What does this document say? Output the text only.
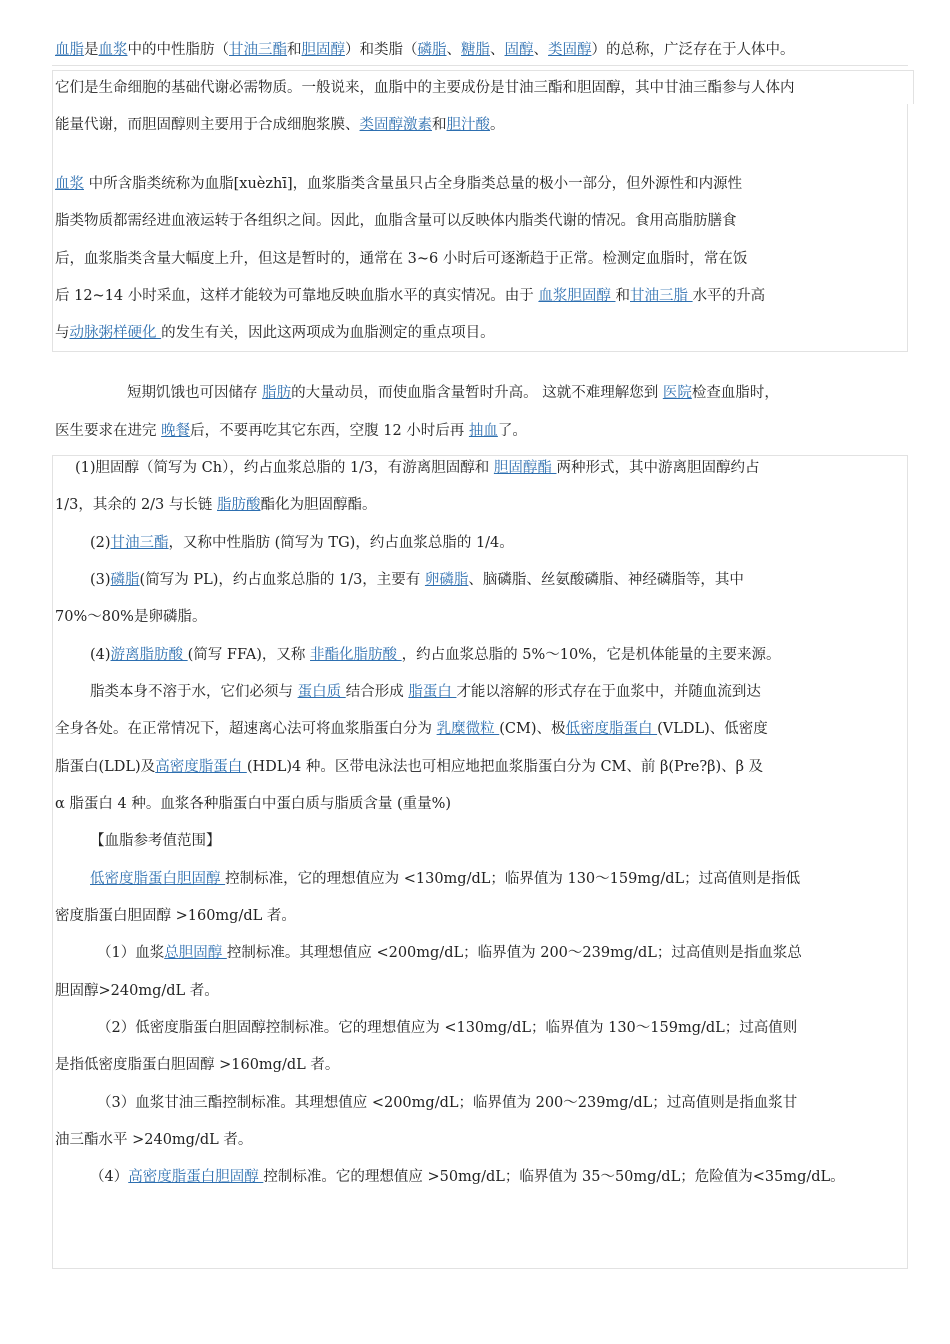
血脂是血浆中的中性脂肪（甘油三酯和胆固醇）和类脂（磷脂、糖脂、固醇、类固醇）的总称，广泛存在于人体中。
它们是生命细胞的基础代谢必需物质。一般说来，血脂中的主要成份是甘油三酯和胆固醇，其中甘油三酯参与人体内
能量代谢，而胆固醇则主要用于合成细胞浆膜、类固醇激素和胆汁酸。
血浆 中所含脂类统称为血脂[xuèzhī]，血浆脂类含量虽只占全身脂类总量的极小一部分，但外源性和内源性
脂类物质都需经进血液运转于各组织之间。因此，血脂含量可以反映体内脂类代谢的情况。食用高脂肪膳食
后，血浆脂类含量大幅度上升，但这是暂时的，通常在 3~6 小时后可逐渐趋于正常。检测定血脂时，常在饭
后 12~14 小时采血，这样才能较为可靠地反映血脂水平的真实情况。由于 血浆胆固醇 和甘油三脂 水平的升高
与动脉粥样硬化 的发生有关，因此这两项成为血脂测定的重点项目。
短期饥饿也可因储存 脂肪的大量动员，而使血脂含量暂时升高。 这就不难理解您到 医院检查血脂时，
医生要求在进完 晚餐后，不要再吃其它东西，空腹 12 小时后再 抽血了。
(1)胆固醇（简写为 Ch），约占血浆总脂的 1/3，有游离胆固醇和 胆固醇酯 两种形式，其中游离胆固醇约占
1/3，其余的 2/3 与长链 脂肪酸酯化为胆固醇酯。
(2)甘油三酯，又称中性脂肪 (简写为 TG)，约占血浆总脂的 1/4。
(3)磷脂(简写为 PL)，约占血浆总脂的 1/3，主要有 卵磷脂、脑磷脂、丝氨酸磷脂、神经磷脂等，其中
70%～80%是卵磷脂。
(4)游离脂肪酸 (简写 FFA)，又称 非酯化脂肪酸 ，约占血浆总脂的 5%～10%，它是机体能量的主要来源。
脂类本身不溶于水，它们必须与 蛋白质 结合形成 脂蛋白 才能以溶解的形式存在于血浆中，并随血流到达
全身各处。在正常情况下，超速离心法可将血浆脂蛋白分为 乳糜微粒 (CM)、极低密度脂蛋白 (VLDL)、低密度
脂蛋白(LDL)及高密度脂蛋白 (HDL)4 种。区带电泳法也可相应地把血浆脂蛋白分为 CM、前 β(Pre?β)、β 及
α 脂蛋白 4 种。血浆各种脂蛋白中蛋白质与脂质含量 (重量%)
【血脂参考值范围】
低密度脂蛋白胆固醇 控制标准，它的理想值应为 <130mg/dL；临界值为 130～159mg/dL；过高值则是指低
密度脂蛋白胆固醇 >160mg/dL 者。
（1）血浆总胆固醇 控制标准。其理想值应 <200mg/dL；临界值为 200～239mg/dL；过高值则是指血浆总
胆固醇>240mg/dL 者。
（2）低密度脂蛋白胆固醇控制标准。它的理想值应为 <130mg/dL；临界值为 130～159mg/dL；过高值则
是指低密度脂蛋白胆固醇 >160mg/dL 者。
（3）血浆甘油三酯控制标准。其理想值应 <200mg/dL；临界值为 200～239mg/dL；过高值则是指血浆甘
油三酯水平 >240mg/dL 者。
（4）高密度脂蛋白胆固醇 控制标准。它的理想值应 >50mg/dL；临界值为 35～50mg/dL；危险值为<35mg/dL。
